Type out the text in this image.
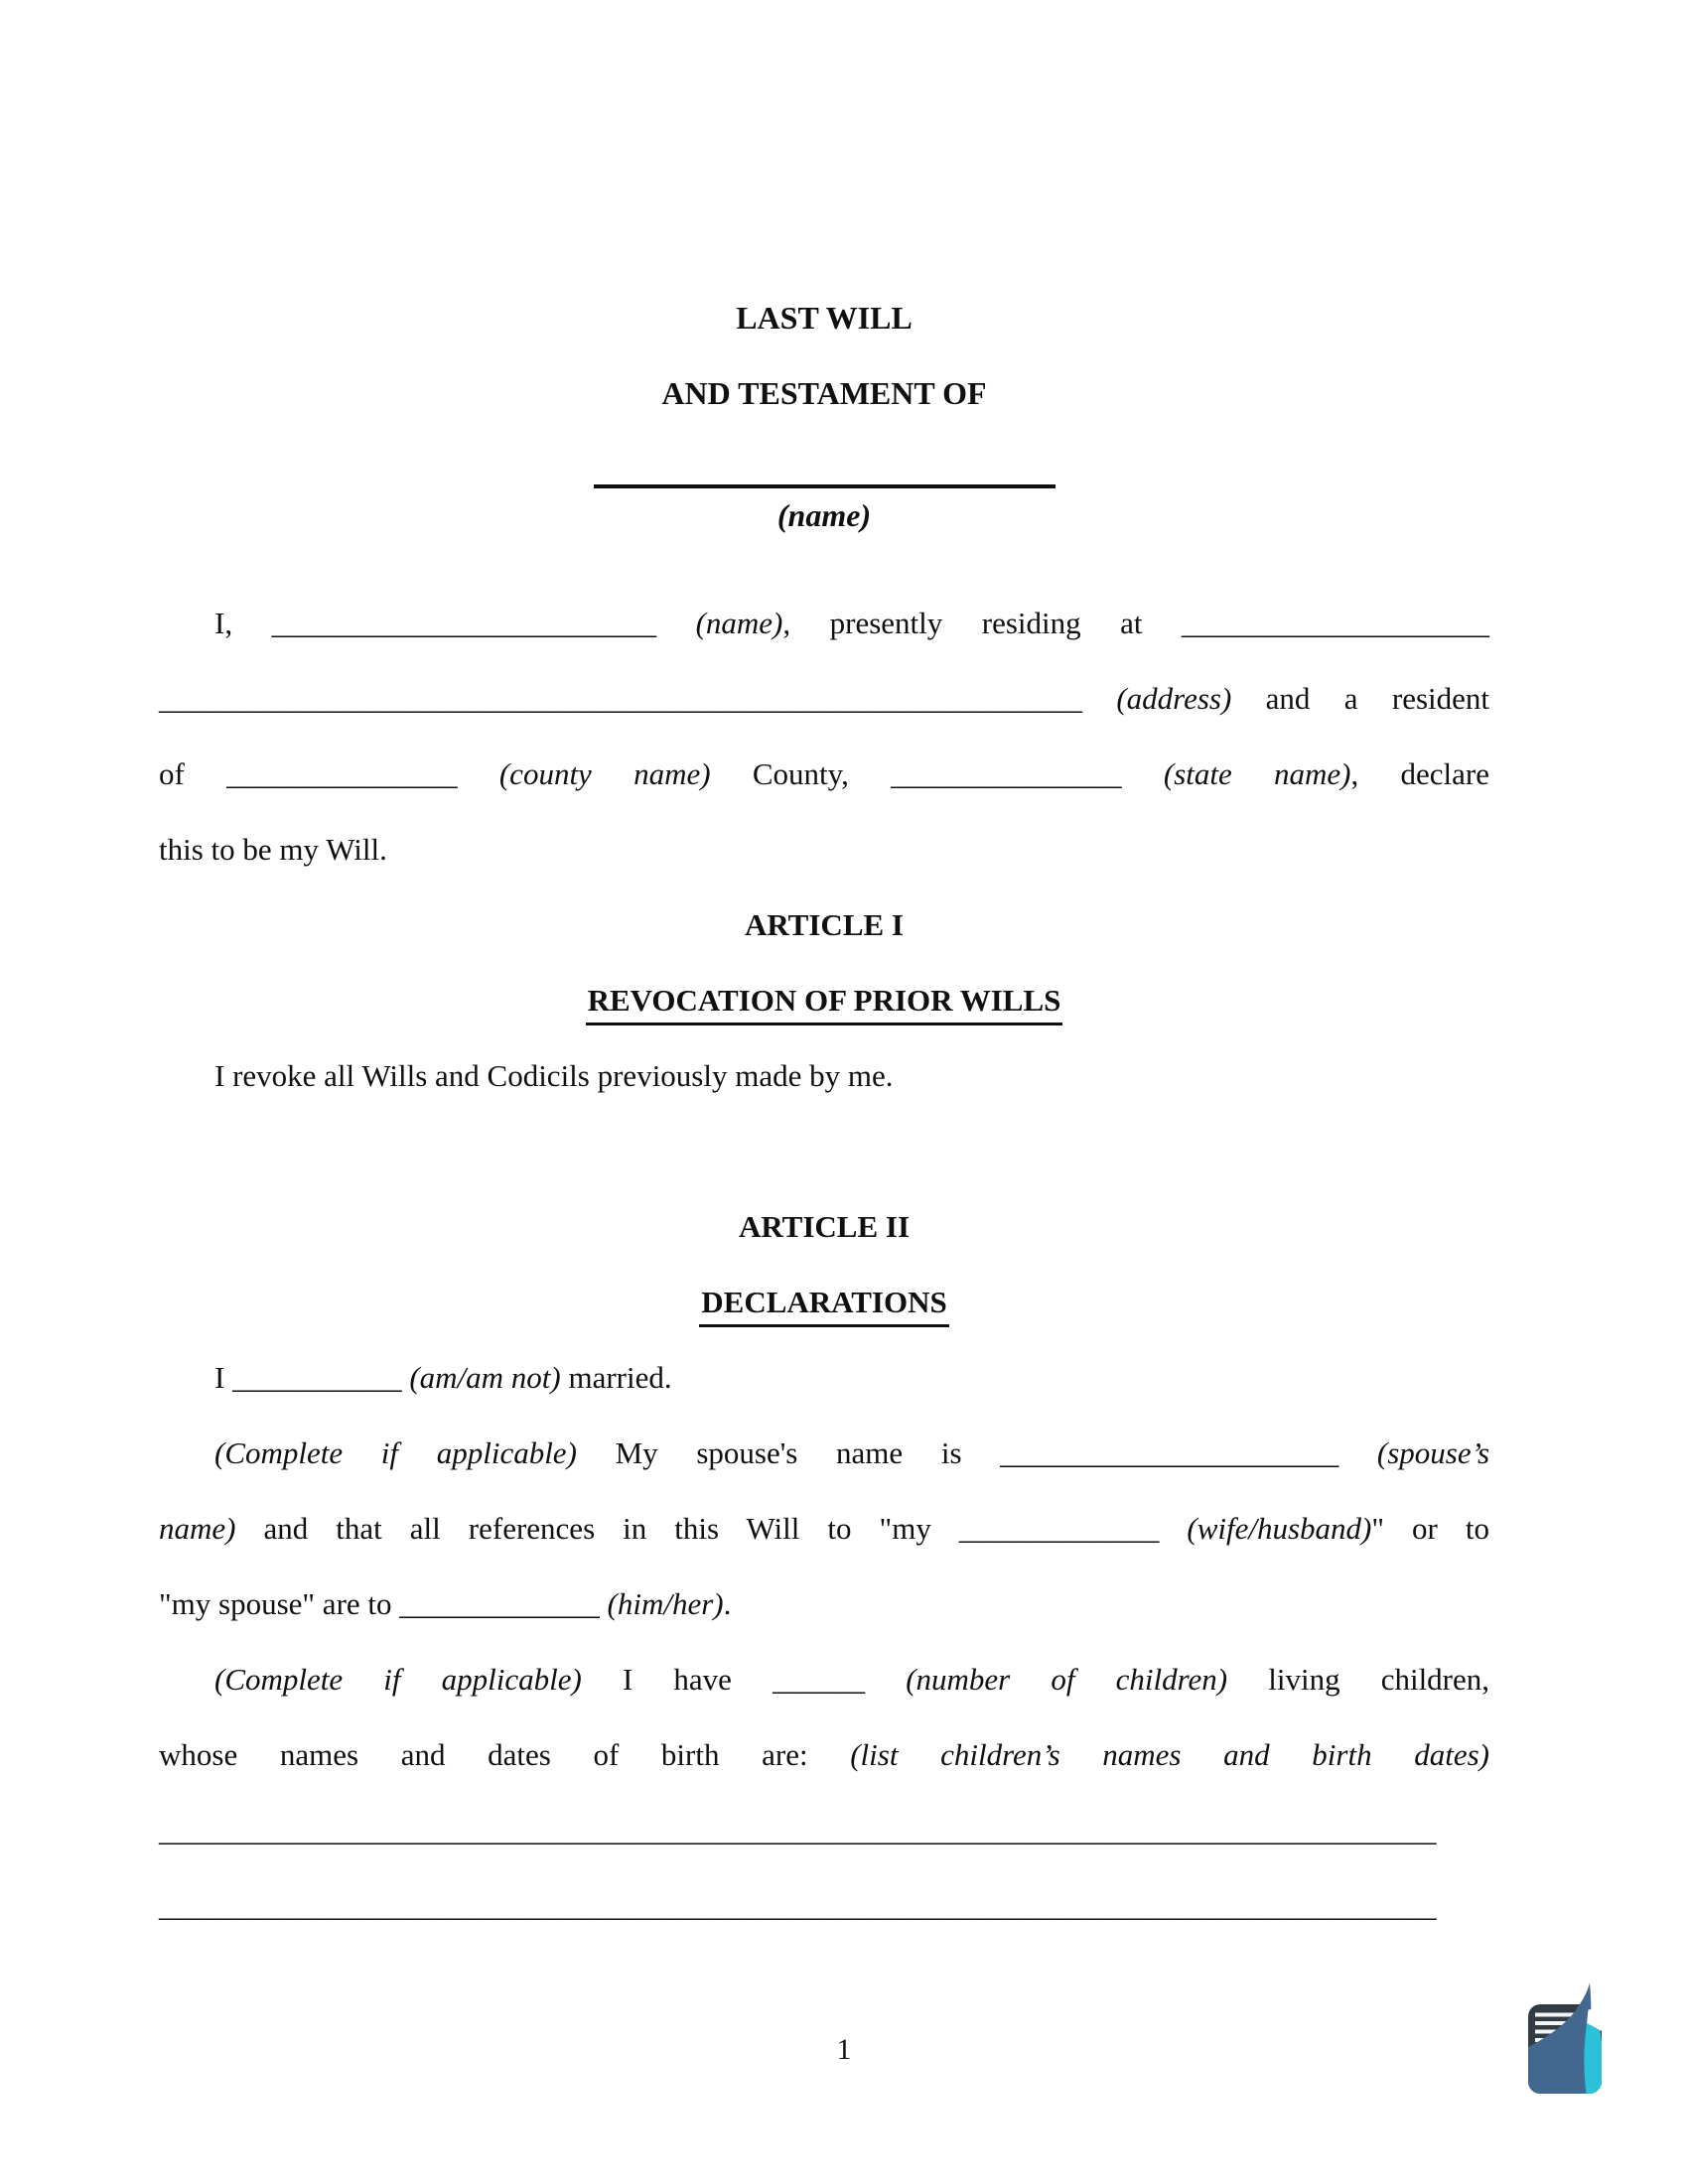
LAST WILL
AND TESTAMENT OF
(name)
I, _________________________ (name), presently residing at ____________________
____________________________________________________________ (address) and a resident
of _______________ (county name) County, _______________ (state name), declare
this to be my Will.
ARTICLE I
REVOCATION OF PRIOR WILLS
I revoke all Wills and Codicils previously made by me.
ARTICLE II
DECLARATIONS
I ___________ (am/am not) married.
(Complete if applicable) My spouse's name is ______________________ (spouse’s
name) and that all references in this Will to "my _____________ (wife/husband)" or to
"my spouse" are to _____________ (him/her).
(Complete if applicable) I have ______ (number of children) living children,
whose names and dates of birth are: (list children’s names and birth dates)
___________________________________________________________________________________
___________________________________________________________________________________
1
